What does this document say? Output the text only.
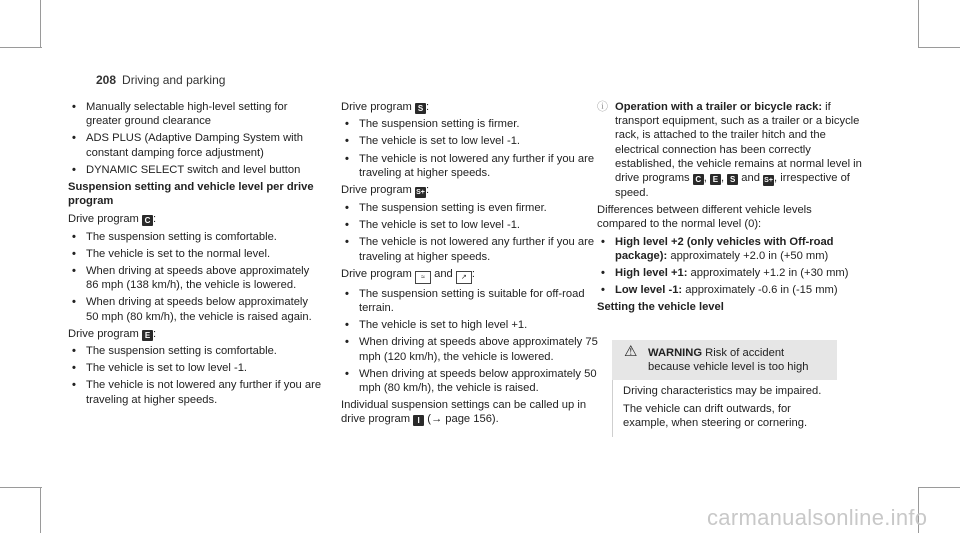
208 Driving and parking
• Manually selectable high-level setting for greater ground clearance
• ADS PLUS (Adaptive Damping System with constant damping force adjustment)
• DYNAMIC SELECT switch and level button
Suspension setting and vehicle level per drive program

Drive program C :

• The suspension setting is comfortable.
• The vehicle is set to the normal level.
• When driving at speeds above approximately 86 mph (138 km/h), the vehicle is lowered.
• When driving at speeds below approximately 50 mph (80 km/h), the vehicle is raised again.

Drive program E :

• The suspension setting is comfortable.
• The vehicle is set to low level -1.
• The vehicle is not lowered any further if you are traveling at higher speeds.

Drive program S :

• The suspension setting is firmer.
• The vehicle is set to low level -1.
• The vehicle is not lowered any further if you are traveling at higher speeds.

Drive program S+:

• The suspension setting is even firmer.
• The vehicle is set to low level -1.
• The vehicle is not lowered any further if you are traveling at higher speeds.

Drive program ≈ and ↗ :

• The suspension setting is suitable for off-road terrain.
• The vehicle is set to high level +1.
• When driving at speeds above approximately 75 mph (120 km/h), the vehicle is lowered.
• When driving at speeds below approximately 50 mph (80 km/h), the vehicle is raised.

Individual suspension settings can be called up in drive program I (→ page 156).

ⓘ Operation with a trailer or bicycle rack: if transport equipment, such as a trailer or a bicycle rack, is attached to the trailer hitch and the electrical connection has been correctly established, the vehicle remains at normal level in drive programs C , E , S and S+, irrespective of speed.

Differences between different vehicle levels compared to the normal level (0):

• High level +2 (only vehicles with Off-road package): approximately +2.0 in (+50 mm)
• High level +1: approximately +1.2 in (+30 mm)
• Low level -1: approximately -0.6 in (-15 mm)
Setting the vehicle level
⚠ WARNING Risk of accident because vehicle level is too high

Driving characteristics may be impaired.

The vehicle can drift outwards, for example, when steering or cornering.

carmanualsonline.info
